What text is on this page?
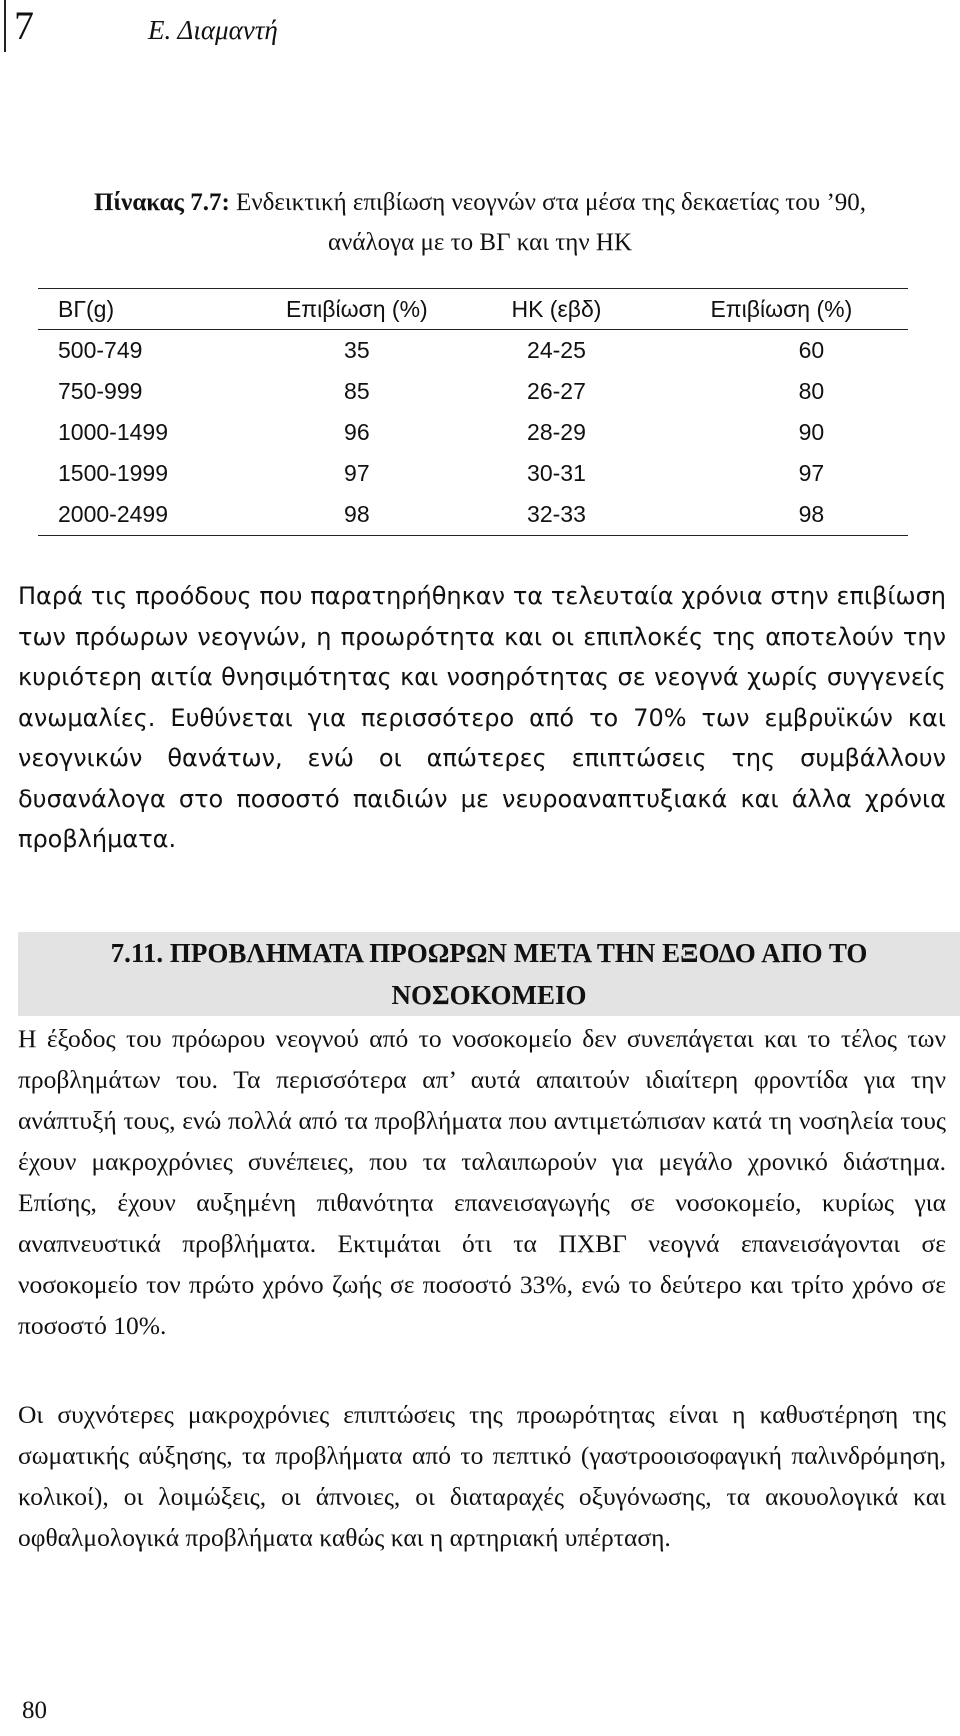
7	Ε. Διαμαντή
Πίνακας 7.7: Ενδεικτική επιβίωση νεογνών στα μέσα της δεκαετίας του ’90,
ανάλογα με το ΒΓ και την ΗΚ
ΒΓ(g)	Επιβίωση (%)	ΗΚ (εβδ)	Επιβίωση (%)
500-749	35	24-25	60
750-999	85	26-27	80
1000-1499	96	28-29	90
1500-1999	97	30-31	97
2000-2499	98	32-33	98
Παρά τις προόδους που παρατηρήθηκαν τα τελευταία χρόνια στην επιβίωση των πρόωρων νεογνών, η προωρότητα και οι επιπλοκές της αποτελούν την κυριότερη αιτία θνησιμότητας και νοσηρότητας σε νεογνά χωρίς συγγενείς ανωμαλίες. Ευθύνεται για περισσότερο από το 70% των εμβρυϊκών και νεογνικών θανάτων, ενώ οι απώτερες επιπτώσεις της συμβάλλουν δυσανάλογα στο ποσοστό παιδιών με νευροαναπτυξιακά και άλλα χρόνια προβλήματα.
7.11. ΠΡΟΒΛΗΜΑΤΑ ΠΡΟΩΡΩΝ ΜΕΤΑ ΤΗΝ ΕΞΟΔΟ ΑΠΟ ΤΟ
ΝΟΣΟΚΟΜΕΙΟ
Η έξοδος του πρόωρου νεογνού από το νοσοκομείο δεν συνεπάγεται και το τέλος των προβλημάτων του. Τα περισσότερα απ’ αυτά απαιτούν ιδιαίτερη φροντίδα για την ανάπτυξή τους, ενώ πολλά από τα προβλήματα που αντιμετώπισαν κατά τη νοσηλεία τους έχουν μακροχρόνιες συνέπειες, που τα ταλαιπωρούν για μεγάλο χρονικό διάστημα. Επίσης, έχουν αυξημένη πιθανότητα επανεισαγωγής σε νοσοκομείο, κυρίως για αναπνευστικά προβλήματα. Εκτιμάται ότι τα ΠΧΒΓ νεογνά επανεισάγονται σε νοσοκομείο τον πρώτο χρόνο ζωής σε ποσοστό 33%, ενώ το δεύτερο και τρίτο χρόνο σε ποσοστό 10%.
Οι συχνότερες μακροχρόνιες επιπτώσεις της προωρότητας είναι η καθυστέρηση της σωματικής αύξησης, τα προβλήματα από το πεπτικό (γαστροοισοφαγική παλινδρόμηση, κολικοί), οι λοιμώξεις, οι άπνοιες, οι διαταραχές οξυγόνωσης, τα ακουολογικά και οφθαλμολογικά προβλήματα καθώς και η αρτηριακή υπέρταση.
80
